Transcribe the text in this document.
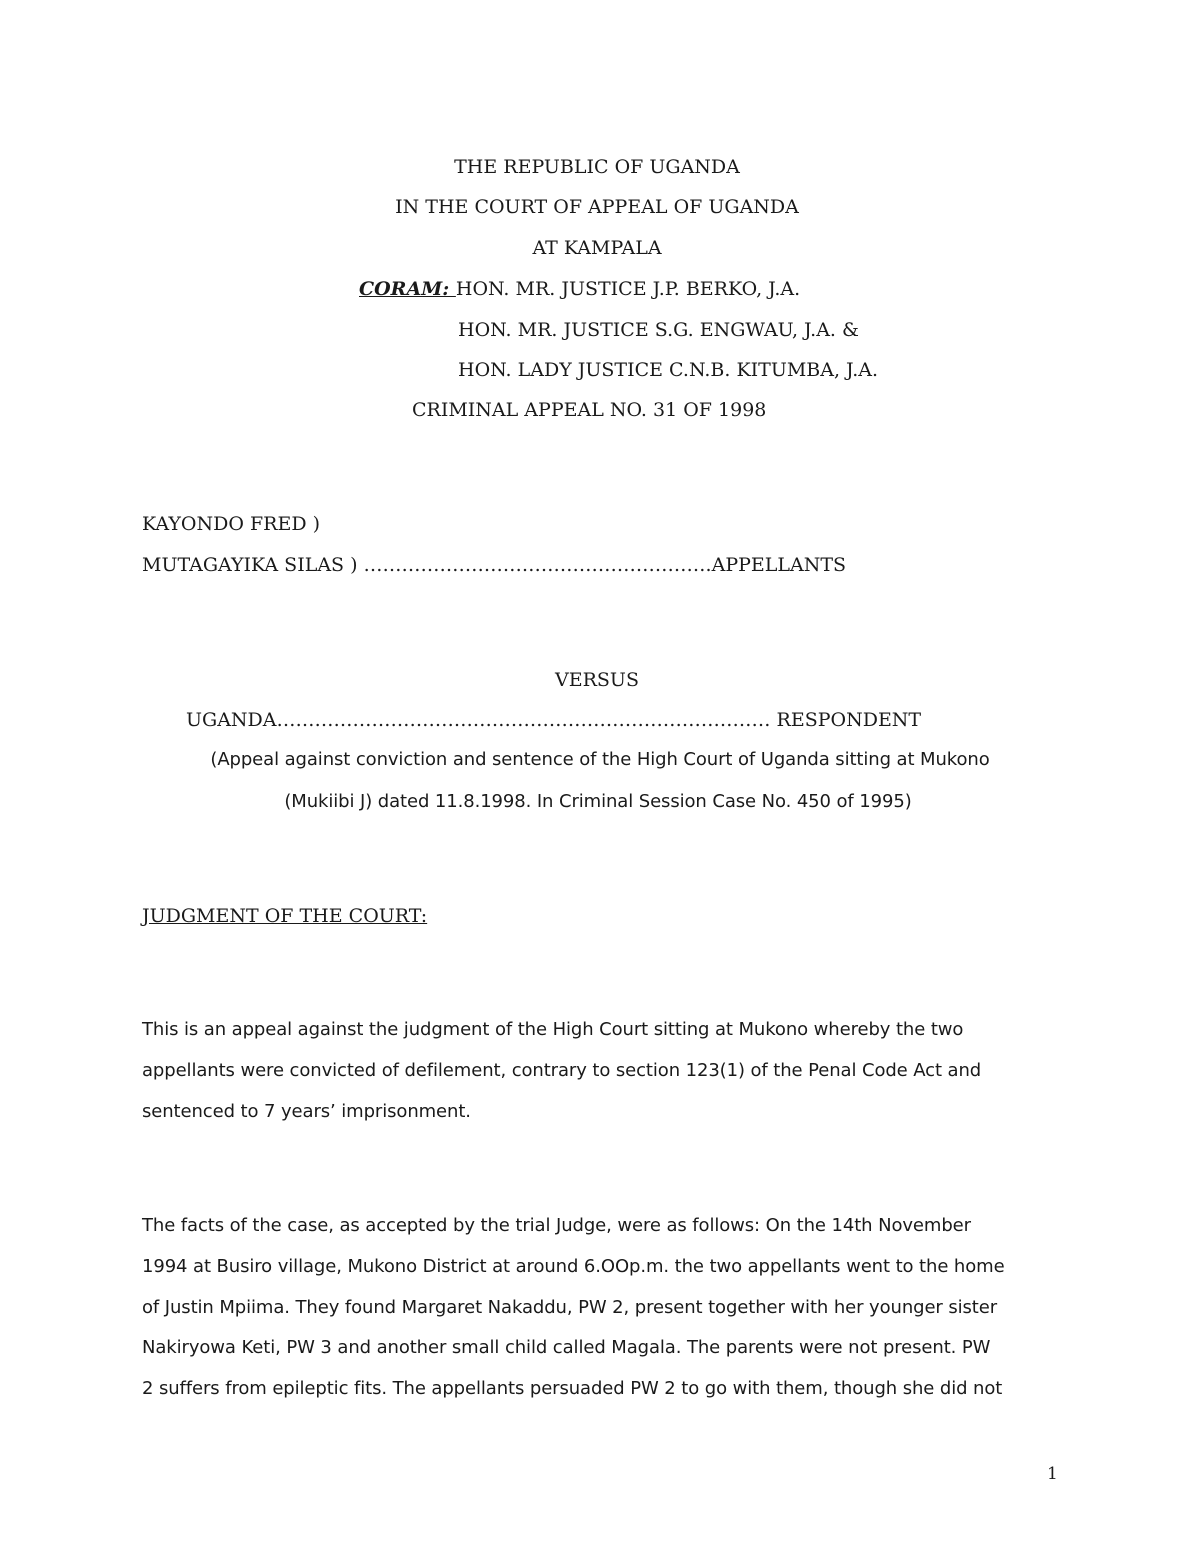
THE REPUBLIC OF UGANDA
IN THE COURT OF APPEAL OF UGANDA
AT KAMPALA
CORAM: HON. MR. JUSTICE J.P. BERKO, J.A.
HON. MR. JUSTICE S.G. ENGWAU, J.A. &
HON. LADY JUSTICE C.N.B. KITUMBA, J.A.
CRIMINAL APPEAL NO. 31 OF 1998
KAYONDO FRED )
MUTAGAYIKA SILAS ) ……………………………………………….APPELLANTS
VERSUS
UGANDA…………………………………………………………………… RESPONDENT
(Appeal against conviction and sentence of the High Court of Uganda sitting at Mukono
(Mukiibi J) dated 11.8.1998. In Criminal Session Case No. 450 of 1995)
JUDGMENT OF THE COURT:
This is an appeal against the judgment of the High Court sitting at Mukono whereby the two
appellants were convicted of defilement, contrary to section 123(1) of the Penal Code Act and
sentenced to 7 years’ imprisonment.
The facts of the case, as accepted by the trial Judge, were as follows: On the 14th November
1994 at Busiro village, Mukono District at around 6.OOp.m. the two appellants went to the home
of Justin Mpiima. They found Margaret Nakaddu, PW 2, present together with her younger sister
Nakiryowa Keti, PW 3 and another small child called Magala. The parents were not present. PW
2 suffers from epileptic fits. The appellants persuaded PW 2 to go with them, though she did not
1
